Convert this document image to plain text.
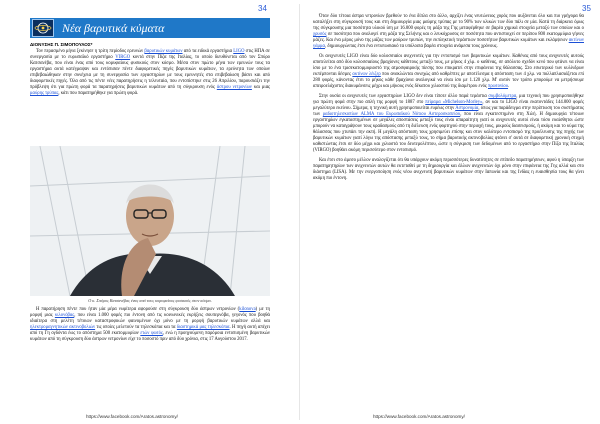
34
Νέα βαρυτικά κύματα
ΔΙΟΝΥΣΗΣ Π. ΣΙΜΟΠΟΥΛΟΣ*

Τον περασμένο μήνα ξεκίνησε η τρίτη περίοδος ερευνών βαρυτικών κυμάτων από τα ειδικά εργαστήρια LIGO στις ΗΠΑ σε συνεργασία με το ευρωπαϊκό εργαστήριο VIRGO κοντά στην Πίζα της Ιταλίας, το οποίο διευθύνεται από τον Σπύρο Κατσανέβα, που είναι ένας από τους κορυφαίους φυσικούς στον κόσμο. Μέσα στον πρώτο μήνα των ερευνών τους τα εργαστήρια αυτά κατέγραψαν και εντόπισαν πέντε διαφορετικές πηγές βαρυτικών κυμάτων, τα ερεύνητα των οποίων επιβεβαιώθηκαν στην συνέχεια με τη συνεργασία των εργαστηρίων με τους ερευνητές στα επιβεβαίωση βάσει και από διαφορετικές πηγές. Όλα από τις πέντε νέες παρατηρήσεις η τελευταία, που εντοπίστηκε στις 26 Απριλίου, παρουσιάζει την πρόβλεψη ότι για πρώτη φορά τα παρατηρήσεις βαρυτικών κυμάτων από τη σύγκρουση ενός άστρου νετρονίων και μιας μαύρης τρύπας, κάτι που παρατηρήθηκε για πρώτη φορά.

Ο κ. Σπύρος Κατσανέβας ένας από τους κορυφαίους φυσικούς στον κόσμο.

Η παρατήρηση πέντε που ήταν μία μέρα νωρίτερα αφορούσε στη σύγκρουση δύο άστρων νετρονίων (kilonova) με τη μορφή μιας κιλονόβας, που είναι 1.000 φορές πιο έντονη από τις κοινωνικές εκρήξεις σουπερνόβα, γεγονός που βοηθά ιδιαίτερα στη μελέτη τέτοιων καταστροφικών φαινομένων όχι μόνο με τη μορφή βαρυτικών κυμάτων αλλά και ηλεκτρομαγνητικών ακτινοβολιών τις οποίες μελετούν τα τηλεσκόπια και τα διαστημικά μας τηλεσκόπια. Η πηγή αυτή απέχει από τη Γη ογδόντα έως το απόστημα 500 εκατομμυρίων ετών φωτός, ενώ η προηγούμενη παρόμοια εντοπισμένη βαρυτικών κυμάτων από τη σύγκρουση δύο άστρων νετρονίων είχε το ποσοστό πριν από δύο χρόνια, στις 17 Αυγούστου 2017.

https://www.facebook.com/Aratos.astronomy/
35

Όταν δύο τέτοια άστρα νετρονίων βρεθούν το ένα δίπλα στο άλλο, αρχίζει ένας νευτώνειος χορός που αυξάνεται όλο και πιο γρήγορα θα καταλήξει στη σύγκρουσή τους και στη δημιουργία μιας μαύρης τρύπας με το 90% των υλικών των δύο πάλι σε μία. Κατά τη διάρκεια όμως της σύγκρουσης μια ποσότητα υλικού ίση με 16.000 φορές τη μάζα της Γης μεταφέρθηκε σε βαρέα χημικά στοιχεία μεταξύ των οποίων και ο χρυσός σε ποσότητα που αναλογεί στη μάζα της Σελήνης και ο λευκόχρυσος σε ποσότητα που αντιστοιχεί σε περίπου 800 εκατομμύρια γήινες μάζες. Και ένα μέρος μόνο της μάζας των μαύρων τρυπών, την εκπληκτική τεράστιων ποσοτήτων βαρυτικών κυμάτων και εκλάμψεων ακτίνων γάμμα, δημιουργώντας έτσι ένα εντυπωσιακό τα υπόλοιπα βαρέα στοιχεία ανάμεσα τους χρόνους.

Οι ανιχνευτές LIGO είναι δύο κολοσσιαίοι ανιχνευτές για την εντοπισμό των βαρυτικών κυμάτων. Καθένας από τους ανιχνευτές αυτούς αποτελείται από δύο κολοσσιαίους βραχίονες κάθετους μεταξύ τους, με μήκος 4 χλμ. ο καθένας, σε απόλυτο σχεδόν κενό που φτάνει να είναι ίσιο με το ένα τρισεκατομμυριοστό της ατμοσφαιρικής πίεσης που επικρατεί στην επιφάνεια της θάλασσας. Στο εσωτερικό των κυλίνδρων εκπέμπονται δέσμες ακτίνων λέιζερ που ανακλώνται συνεχώς από καθρέπτες με αποτέλεσμα η απόσταση των 4 χλμ. να πολλαπλασιάζεται επί 280 φορές, κάνοντας έτσι το μήκος κάθε βραχίονα αναλογικά να είναι ίσο με 1.120 χλμ. Μ' αυτόν τον τρόπο μπορούμε να μετρήσουμε απειροελάχιστες διακυμάνσεις μέχρι και μήκους ενός δέκατου χιλιοστού της διαμέτρου ενός πρωτονίου.

Στην ουσία οι ανιχνευτές των εργαστηρίων LIGO δεν είναι τίποτε άλλο παρά τεράστια συμβολόμετρα, μια τεχνική που χρησιμοποιήθηκε για πρώτη φορά στην πιο απλή της μορφή το 1887 στο πείραμα «Michelson-Morley», αν και το LIGO είναι εκατοντάδες 144.000 φορές μεγαλύτερο εκείνου. Σήμερα, η τεχνική αυτή χρησιμοποιείται ευρέως στην Αστρονομία, όπως για παράδειγμα στην περίπτωση του συστήματος των ραδιοτηλεσκοπίων ALMA του Ευρωπαϊκού Νότιου Αστεροσκοπείου, που είναι εγκατεστημένο στη Χιλή. Η δημιουργία τέτοιων εργαστηρίων εγκαταστημένων σε μεγάλες αποστάσεις μεταξύ τους είναι απαραίτητη γιατί οι ανιχνευτές αυτοί είναι τόσο ευαίσθητοι ώστε μπορούν να καταγράψουν τους κραδασμούς από τη διέλευση ενός φορτηγού στην περιοχή τους, μικρούς διασεισμούς, ή ακόμη και το κύμα της θάλασσας που χτυπάει την ακτή. Η μεγάλη απόσταση τους χρησιμεύει επίσης και στον καλύτερο εντοπισμό της προέλευσης της πηγής των βαρυτικών κυμάτων γιατί λόγω της απόστασης μεταξύ τους, το σήμα βαρυτικής ακτινοβολίας φτάνει σ' αυτά σε διαφορετική χρονική στιγμή καθιστώντας έτσι σε δύο μέχρι και χιλιοστά του δευτερολέπτου, ώστε η σύγκριση των δεδομένων από το εργαστήριο στην Πίζα της Ιταλίας (VIRGO) βοηθάει ακόμη περισσότερο στον εντοπισμό.

Και έτσι στο άμεσο μέλλον αναλογίζεται ότι θα υπάρχουν ακόμη περισσότερες δυνατότητες σε επίπεδο παρατηρήσεων, αφού η ύπαρξη των παρατηρητηρίων των ανιχνευτών αυτών θα εκτεταθεί με τη δημιουργία και άλλων ανιχνευτών όχι μόνο στην επιφάνεια της Γης αλλά και στο διάστημα (LISA). Με την ενεργοποίηση ενός νέου ανιχνευτή βαρυτικών κυμάτων στην Ιαπωνία και της Ινδίας η ευαισθησία τους θα γίνει ακόμη πιο έντονη.

https://www.facebook.com/Aratos.astronomy/
